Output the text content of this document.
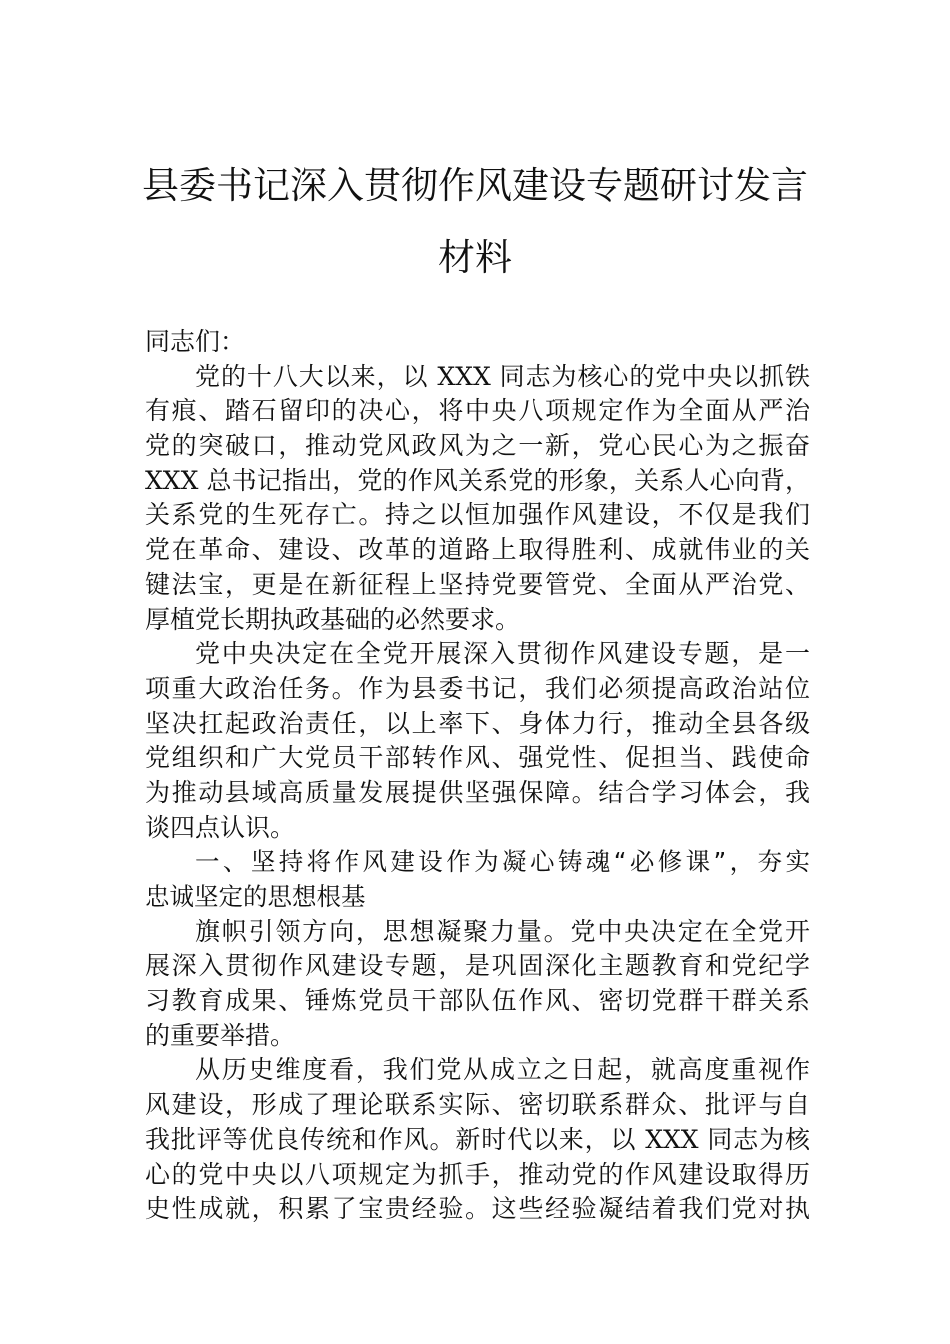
县委书记深入贯彻作风建设专题研讨发言
材料
同志们：
党的十八大以来，以 XXX 同志为核心的党中央以抓铁
有痕、踏石留印的决心，将中央八项规定作为全面从严治
党的突破口，推动党风政风为之一新，党心民心为之振奋
XXX 总书记指出，党的作风关系党的形象，关系人心向背，
关系党的生死存亡。持之以恒加强作风建设，不仅是我们
党在革命、建设、改革的道路上取得胜利、成就伟业的关
键法宝，更是在新征程上坚持党要管党、全面从严治党、
厚植党长期执政基础的必然要求。
党中央决定在全党开展深入贯彻作风建设专题，是一
项重大政治任务。作为县委书记，我们必须提高政治站位
坚决扛起政治责任，以上率下、身体力行，推动全县各级
党组织和广大党员干部转作风、强党性、促担当、践使命
为推动县域高质量发展提供坚强保障。结合学习体会，我
谈四点认识。
一、坚持将作风建设作为凝心铸魂“必修课”，夯实
忠诚坚定的思想根基
旗帜引领方向，思想凝聚力量。党中央决定在全党开
展深入贯彻作风建设专题，是巩固深化主题教育和党纪学
习教育成果、锤炼党员干部队伍作风、密切党群干群关系
的重要举措。
从历史维度看，我们党从成立之日起，就高度重视作
风建设，形成了理论联系实际、密切联系群众、批评与自
我批评等优良传统和作风。新时代以来，以 XXX 同志为核
心的党中央以八项规定为抓手，推动党的作风建设取得历
史性成就，积累了宝贵经验。这些经验凝结着我们党对执
